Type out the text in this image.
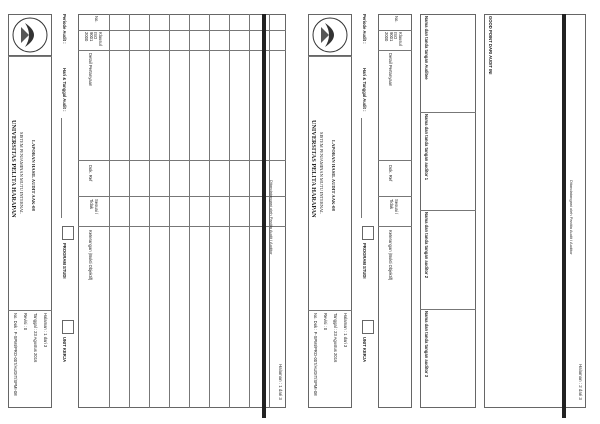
UNIVERSITAS PELITA HARAPAN SISTEM PENJAMINAN MUTU INTERNAL LAPORAN HASIL AUDIT AAK-08
No. Dok : F-SPMI/PRO-007/AUDIT/SPMI-08 Revisi : 0 Tanggal : 23 Agustus 2016 Halaman : 1 dari 3
Periode Audit :
Hari & Tanggal Audit :
PROGRAM STUDI
UNIT KERJA
No.
Klausul ISO 9001 2000
Detail Pertanyaan
Dok. Ref
Sesuai / Tidak
Keterangan (Bukti Objektif)
Ditandatangani oleh Panitia Audit / Auditor
Halaman : 1 dari 3
UNIVERSITAS PELITA HARAPAN SISTEM PENJAMINAN MUTU INTERNAL LAPORAN HASIL AUDIT AAK-08
No. Dok : F-SPMI/PRO-007/AUDIT/SPMI-08 Revisi : 0 Tanggal : 23 Agustus 2016 Halaman : 1 dari 3
Periode Audit :
Hari & Tanggal Audit :
PROGRAM STUDI
UNIT KERJA
No.
Klausul ISO 9001 2000
Detail Pertanyaan
Dok. Ref
Sesuai / Tidak
Keterangan (Bukti Objektif)
Nama dan tanda tangan Auditee
Nama dan tanda tangan auditor 1
Nama dan tanda tangan auditor 2
Nama dan tanda tangan auditor 3
GOOD POINT DARI AUDIT INI
Ditandatangani oleh Panitia Audit / Auditor
Halaman : 2 dari 3
